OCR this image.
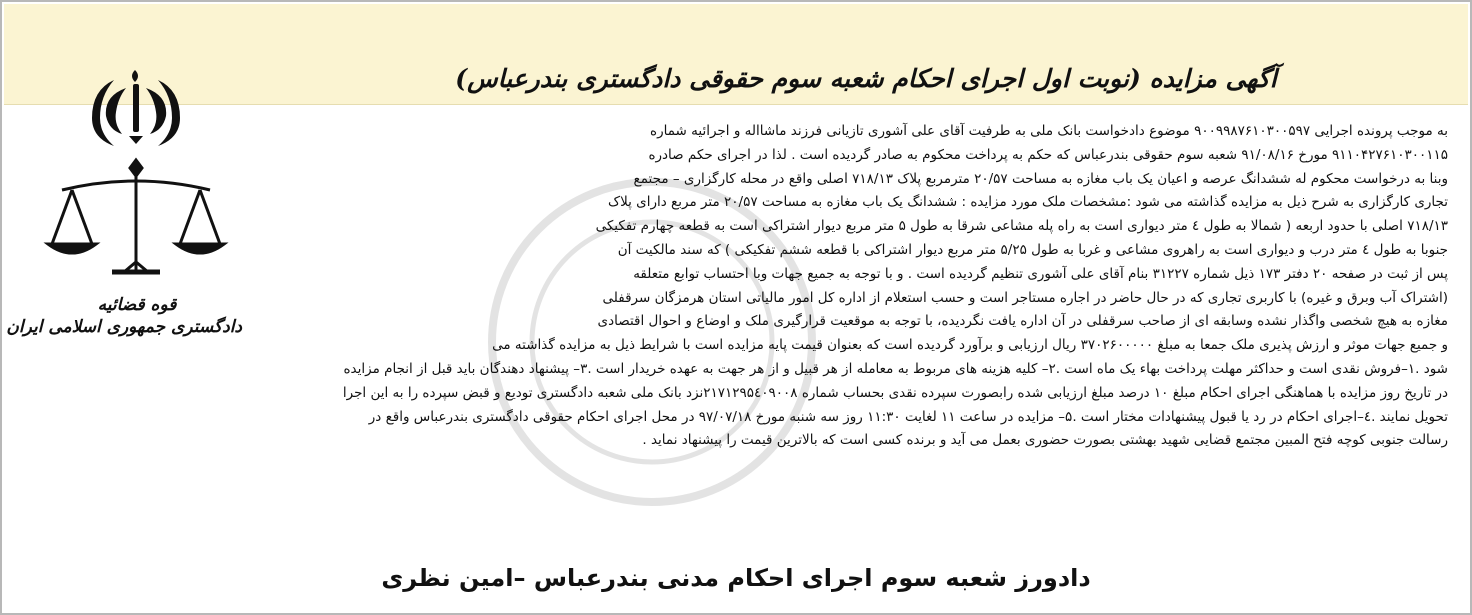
آگهی مزایده (نوبت اول اجرای احکام شعبه سوم حقوقی دادگستری بندرعباس)
قوه قضائیه
دادگستری جمهوری اسلامی ایران
به موجب پرونده اجرایی ۹۰۰۹۹۸۷۶۱۰۳۰۰۵۹۷ موضوع دادخواست بانک ملی به طرفیت آقای علی آشوری تازیانی فرزند ماشااله و اجرائیه شماره
۹۱۱۰۴۲۷۶۱۰۳۰۰۱۱۵ مورخ ۹۱/۰۸/۱۶ شعبه سوم حقوقی بندرعباس که حکم به پرداخت محکوم به صادر گردیده است . لذا در اجرای حکم صادره
وبنا به درخواست محکوم له ششدانگ عرصه و اعیان یک باب مغازه به مساحت ۲۰/۵۷ مترمربع پلاک ۷۱۸/۱۳ اصلی واقع در محله کارگزاری – مجتمع
تجاری کارگزاری به شرح ذیل به مزایده گذاشته می شود :مشخصات ملک مورد مزایده : ششدانگ یک باب مغازه به مساحت ۲۰/۵۷ متر مربع دارای پلاک
۷۱۸/۱۳ اصلی با حدود اربعه ( شمالا به طول ٤ متر دیواری است به راه پله مشاعی شرقا به طول ۵ متر مربع دیوار اشتراکی است به قطعه چهارم تفکیکی
جنوبا به طول ٤ متر درب و دیواری است به راهروی مشاعی و غربا به طول ۵/۲۵ متر مربع دیوار اشتراکی با قطعه ششم تفکیکی ) که سند مالکیت آن
پس از ثبت در صفحه ۲۰ دفتر ۱۷۳ ذیل شماره ۳۱۲۲۷ بنام آقای علی آشوری تنظیم گردیده است . و با توجه به جمیع جهات وبا احتساب توابع متعلقه
(اشتراک آب وبرق و غیره) با کاربری تجاری که در حال حاضر در اجاره مستاجر است و حسب استعلام از اداره کل امور مالیاتی استان هرمزگان سرقفلی
مغازه به هیچ شخصی واگذار نشده وسابقه ای از صاحب سرقفلی در آن اداره یافت نگردیده، با توجه به موقعیت قرارگیری ملک و اوضاع و احوال اقتصادی
و جمیع جهات موثر و ارزش پذیری ملک جمعا به مبلغ ۳۷۰۲۶۰۰۰۰۰ ریال ارزیابی و برآورد گردیده است که بعنوان قیمت پایه مزایده است با شرایط ذیل به مزایده گذاشته می
شود .۱–فروش نقدی است و حداکثر مهلت پرداخت بهاء یک ماه است .۲– کلیه هزینه های مربوط به معامله از هر قبیل و از هر جهت به عهده خریدار است .۳– پیشنهاد دهندگان باید قبل از انجام مزایده
در تاریخ روز مزایده با هماهنگی اجرای احکام مبلغ ۱۰ درصد مبلغ ارزیابی شده رابصورت سپرده نقدی بحساب شماره ۲۱۷۱۲۹۵٤۰۹۰۰۸نزد بانک ملی شعبه دادگستری تودیع و قبض سپرده را به این اجرا
تحویل نمایند .٤–اجرای احکام در رد یا قبول پیشنهادات مختار است .۵– مزایده در ساعت ۱۱ لغایت ۱۱:۳۰ روز سه شنبه مورخ ۹۷/۰۷/۱۸ در محل اجرای احکام حقوقی دادگستری بندرعباس واقع در
رسالت جنوبی کوچه فتح المبین مجتمع قضایی شهید بهشتی بصورت حضوری بعمل می آید و برنده کسی است که بالاترین قیمت را پیشنهاد نماید .
دادورز شعبه سوم اجرای احکام مدنی بندرعباس –امین نظری
